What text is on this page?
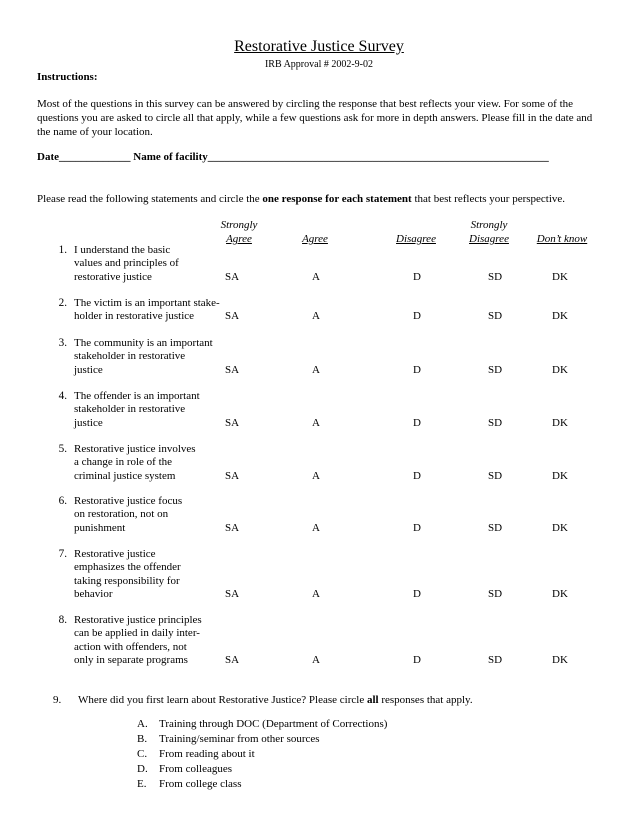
Restorative Justice Survey
IRB Approval # 2002-9-02
Instructions:
Most of the questions in this survey can be answered by circling the response that best reflects your view. For some of the questions you are asked to circle all that apply, while a few questions ask for more in depth answers. Please fill in the date and the name of your location.
Date_____________ Name of facility______________________________________________________________
Please read the following statements and circle the one response for each statement that best reflects your perspective.
Strongly
Agree	Agree	Disagree
Strongly
Disagree	Don’t know
1. I understand the basic
values and principles of
restorative justice	SA	A	D	SD	DK
2. The victim is an important stake-
holder in restorative justice	SA	A	D	SD	DK
3. The community is an important
stakeholder in restorative
justice	SA	A	D	SD	DK
4. The offender is an important
stakeholder in restorative
justice	SA	A	D	SD	DK
5. Restorative justice involves
a change in role of the
criminal justice system	SA	A	D	SD	DK
6. Restorative justice focus
on restoration, not on
punishment	SA	A	D	SD	DK
7. Restorative justice
emphasizes the offender
taking responsibility for
behavior	SA	A	D	SD	DK
8. Restorative justice principles
can be applied in daily inter-
action with offenders, not
only in separate programs	SA	A	D	SD	DK
9. Where did you first learn about Restorative Justice? Please circle all responses that apply.
A. Training through DOC (Department of Corrections)
B. Training/seminar from other sources
C. From reading about it
D. From colleagues
E. From college class
